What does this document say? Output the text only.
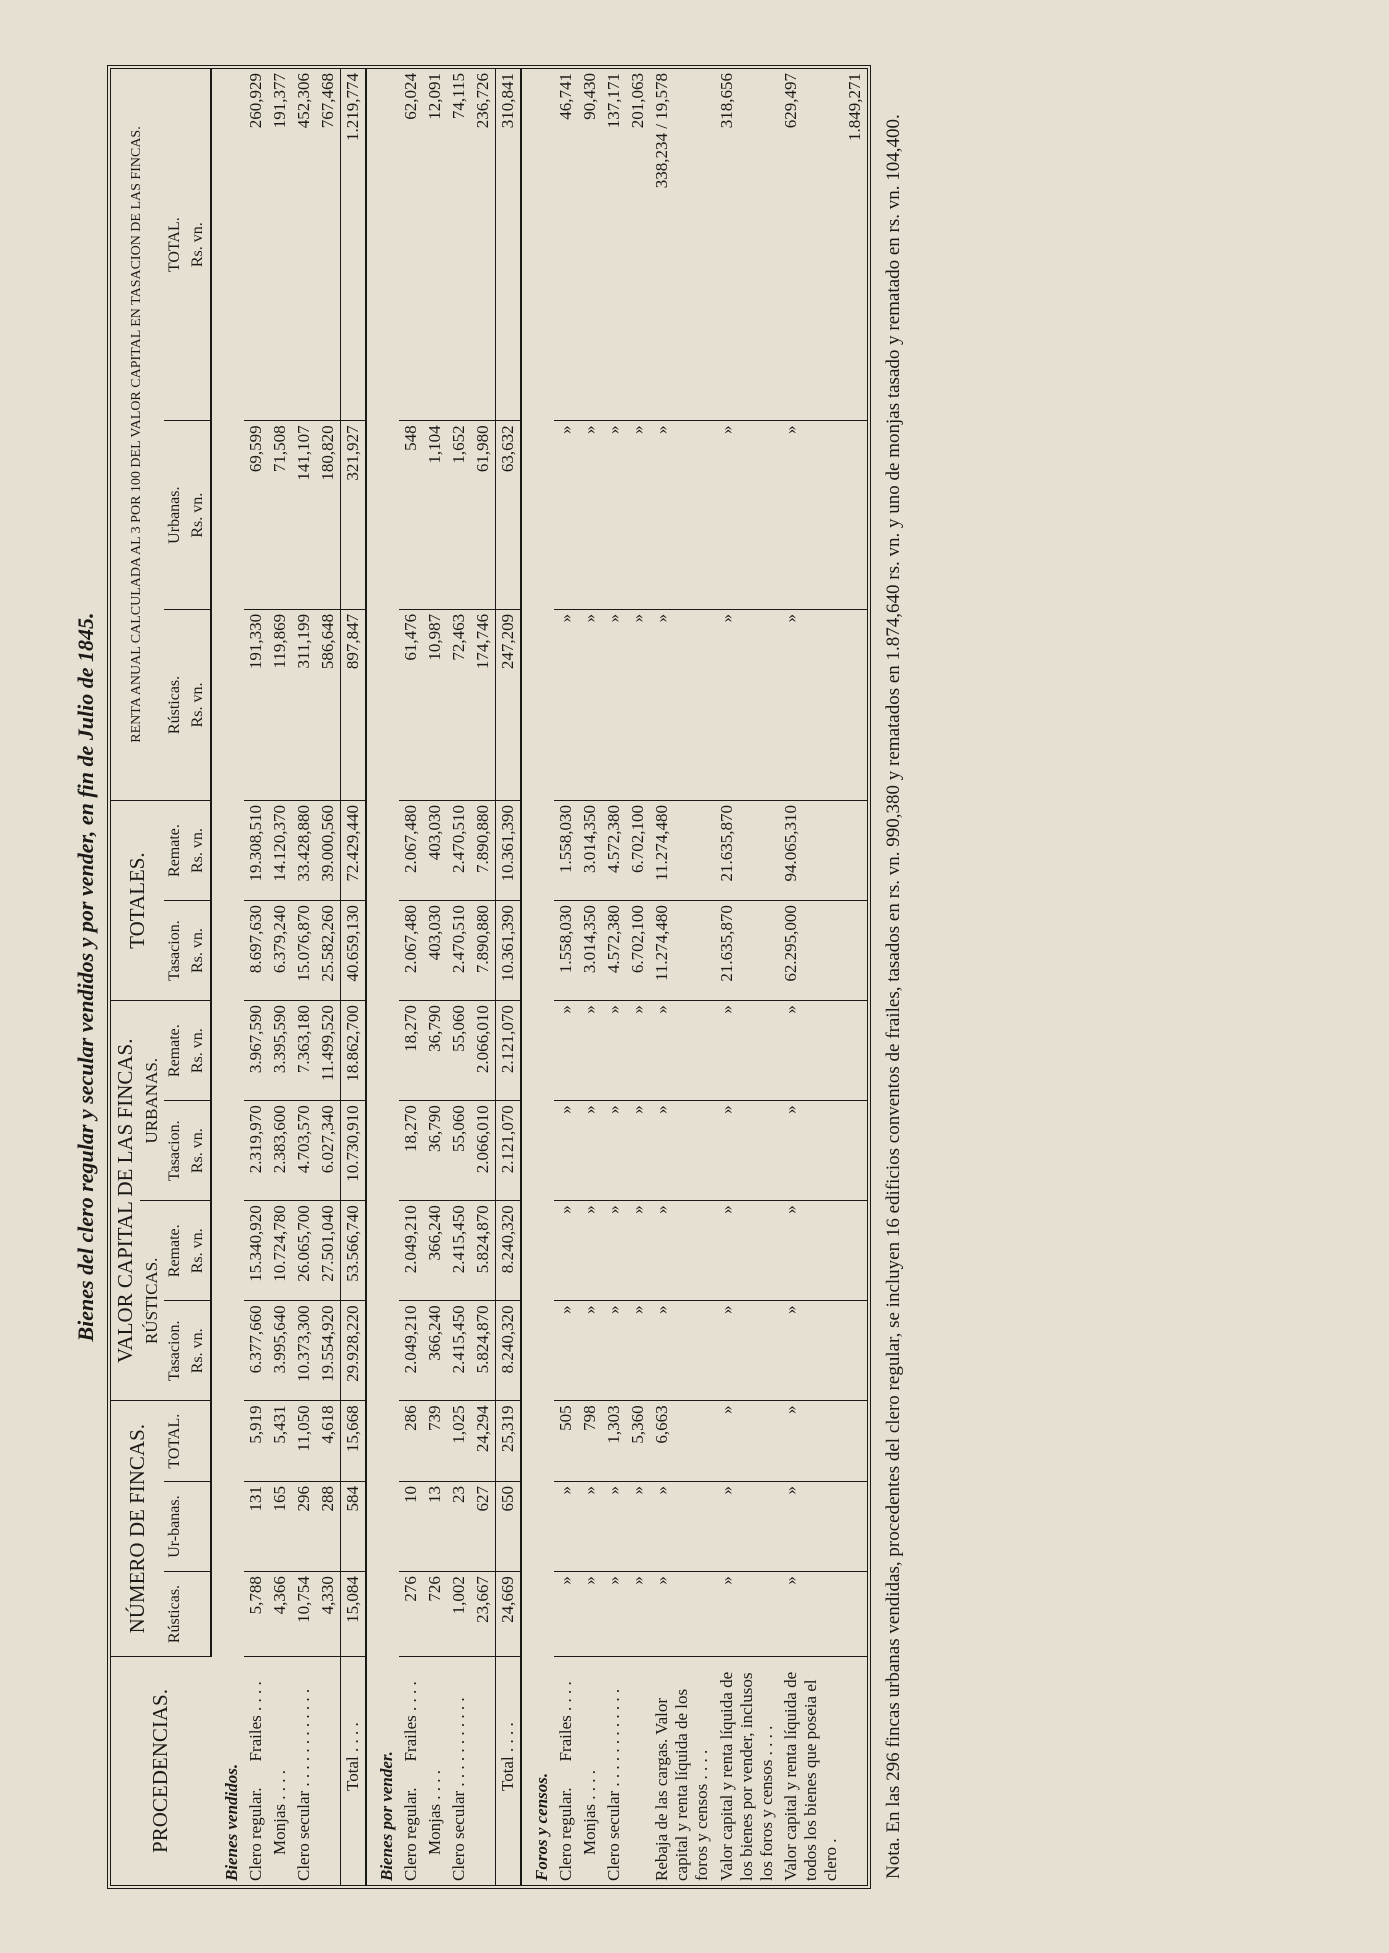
Bienes del clero regular y secular vendidos y por vender, en fin de Julio de 1845.
PROCEDENCIAS.	NÚMERO DE FINCAS.			VALOR CAPITAL DE LAS FINCAS.				TOTALES.		RENTA ANUAL CALCULADA AL 3 POR 100 DEL VALOR CAPITAL EN TASACION DE LAS FINCAS.		
				RÚSTICAS.		URBANAS.						
	Rústicas.	Ur-banas.	TOTAL.	Tasacion.	Remate.	Tasacion.	Remate.	Tasacion.	Remate.	Rústicas.	Urbanas.	TOTAL.
				Rs. vn.	Rs. vn.	Rs. vn.	Rs. vn.	Rs. vn.	Rs. vn.	Rs. vn.	Rs. vn.	Rs. vn.
Bienes vendidos.												
Clero regular.Frailes . . . .	5,788	131	5,919	6.377,660	15.340,920	2.319,970	3.967,590	8.697,630	19.308,510	191,330	69,599	260,929
Monjas . . . .	4,366	165	5,431	3.995,640	10.724,780	2.383,600	3.395,590	6.379,240	14.120,370	119,869	71,508	191,377
Clero secular . . . . . . . . . . . .	10,754	296	11,050	10.373,300	26.065,700	4.703,570	7.363,180	15.076,870	33.428,880	311,199	141,107	452,306
	4,330	288	4,618	19.554,920	27.501,040	6.027,340	11.499,520	25.582,260	39.000,560	586,648	180,820	767,468
Total . . . .	15,084	584	15,668	29.928,220	53.566,740	10.730,910	18.862,700	40.659,130	72.429,440	897,847	321,927	1.219,774
Bienes por vender.												
Clero regular.Frailes . . . .	276	10	286	2.049,210	2.049,210	18,270	18,270	2.067,480	2.067,480	61,476	548	62,024
Monjas . . . .	726	13	739	366,240	366,240	36,790	36,790	403,030	403,030	10,987	1,104	12,091
Clero secular . . . . . . . . . . .	1,002	23	1,025	2.415,450	2.415,450	55,060	55,060	2.470,510	2.470,510	72,463	1,652	74,115
	23,667	627	24,294	5.824,870	5.824,870	2.066,010	2.066,010	7.890,880	7.890,880	174,746	61,980	236,726
Total . . . .	24,669	650	25,319	8.240,320	8.240,320	2.121,070	2.121,070	10.361,390	10.361,390	247,209	63,632	310,841
Foros y censos.												
Clero regular.Frailes . . . .	»	»	505	»	»	»	»	1.558,030	1.558,030	»	»	46,741
Monjas . . . .	»	»	798	»	»	»	»	3.014,350	3.014,350	»	»	90,430
Clero secular . . . . . . . . . . . .	»	»	1,303	»	»	»	»	4.572,380	4.572,380	»	»	137,171
	»	»	5,360	»	»	»	»	6.702,100	6.702,100	»	»	201,063
Rebaja de las cargas. Valor capital y renta líquida de los foros y censos . . . .	»	»	6,663	»	»	»	»	11.274,480	11.274,480	»	»	338,234 / 19,578
Valor capital y renta líquida de los bienes por vender, inclusos los foros y censos . . . .	»	»	»	»	»	»	»	21.635,870	21.635,870	»	»	318,656
Valor capital y renta líquida de todos los bienes que poseia el clero .	»	»	»	»	»	»	»	62.295,000	94.065,310	»	»	629,497
												1.849,271
Nota. En las 296 fincas urbanas vendidas, procedentes del clero regular, se incluyen 16 edificios conventos de frailes, tasados en rs. vn. 990,380 y rematados en 1.874,640 rs. vn. y uno de monjas tasado y rematado en rs. vn. 104,400.
